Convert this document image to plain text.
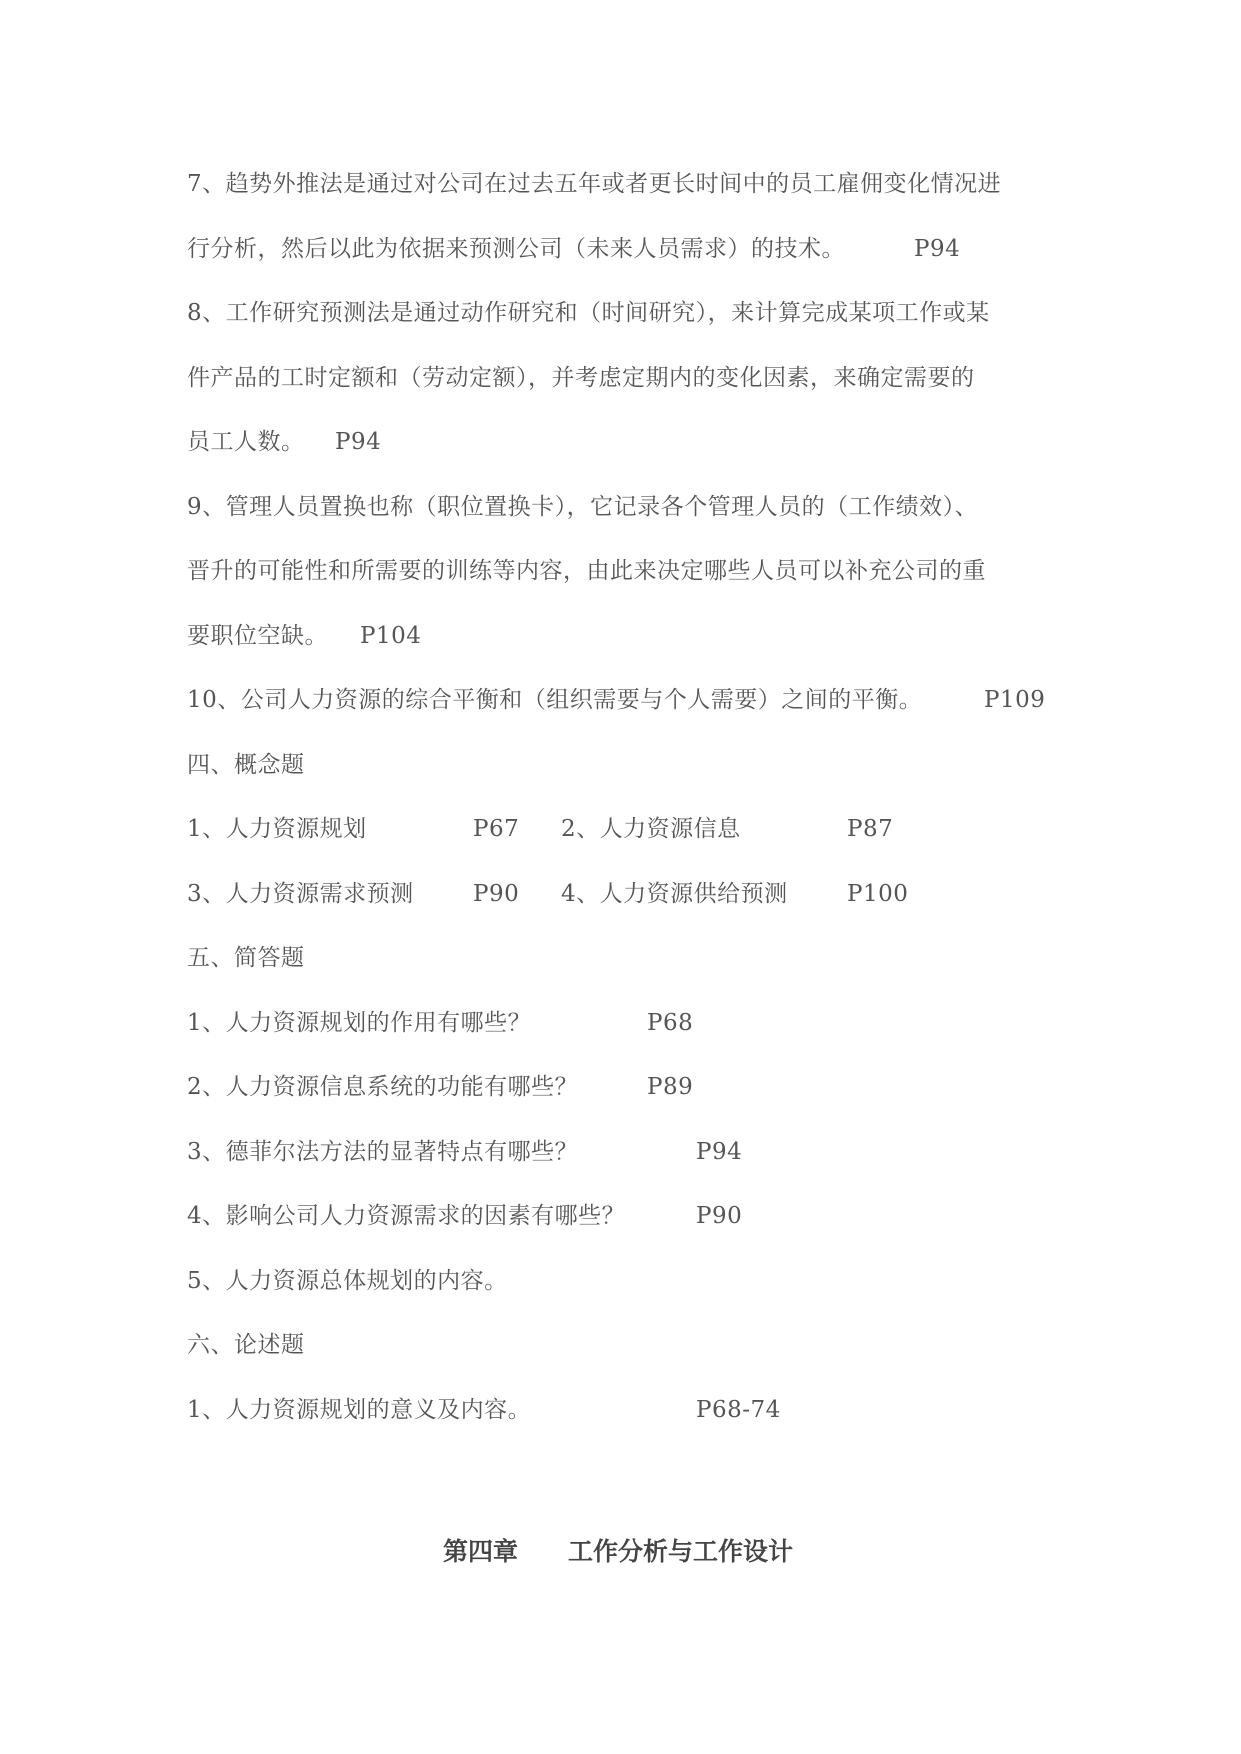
7、趋势外推法是通过对公司在过去五年或者更长时间中的员工雇佣变化情况进
行分析，然后以此为依据来预测公司（未来人员需求）的技术。	P94
8、工作研究预测法是通过动作研究和（时间研究），来计算完成某项工作或某
件产品的工时定额和（劳动定额），并考虑定期内的变化因素，来确定需要的
员工人数。 P94
9、管理人员置换也称（职位置换卡），它记录各个管理人员的（工作绩效）、
晋升的可能性和所需要的训练等内容，由此来决定哪些人员可以补充公司的重
要职位空缺。 P104
10、公司人力资源的综合平衡和（组织需要与个人需要）之间的平衡。	P109
四、概念题
1、人力资源规划	P67 2、人力资源信息	P87
3、人力资源需求预测	P90 4、人力资源供给预测	P100
五、简答题
1、人力资源规划的作用有哪些？	P68
2、人力资源信息系统的功能有哪些？	P89
3、德菲尔法方法的显著特点有哪些？	P94
4、影响公司人力资源需求的因素有哪些？	P90
5、人力资源总体规划的内容。
六、论述题
1、人力资源规划的意义及内容。	P68-74
第四章 工作分析与工作设计
